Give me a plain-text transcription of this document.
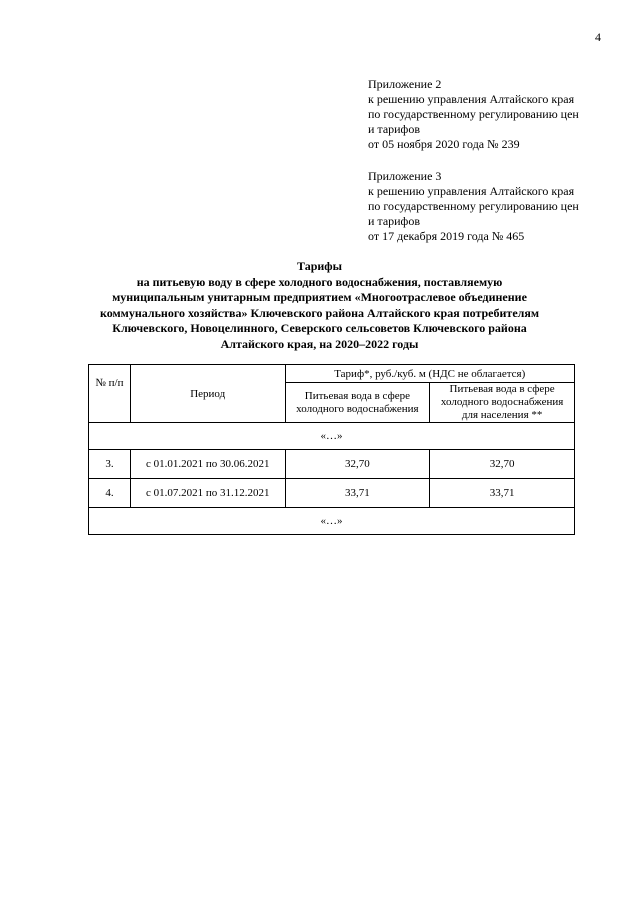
4
Приложение 2
к решению управления Алтайского края
по государственному регулированию цен
и тарифов
от 05 ноября 2020 года № 239
Приложение 3
к решению управления Алтайского края
по государственному регулированию цен
и тарифов
от 17 декабря 2019 года № 465
Тарифы
на питьевую воду в сфере холодного водоснабжения, поставляемую
муниципальным унитарным предприятием «Многоотраслевое объединение
коммунального хозяйства» Ключевского района Алтайского края потребителям
Ключевского, Новоцелинного, Северского сельсоветов Ключевского района
Алтайского края, на 2020–2022 годы
№ п/п	Период	Тариф*, руб./куб. м (НДС не облагается)	
		Питьевая вода в сфере холодного водоснабжения	Питьевая вода в сфере холодного водоснабжения для населения **
«…»			
3.	с 01.01.2021 по 30.06.2021	32,70	32,70
4.	с 01.07.2021 по 31.12.2021	33,71	33,71
«…»			
